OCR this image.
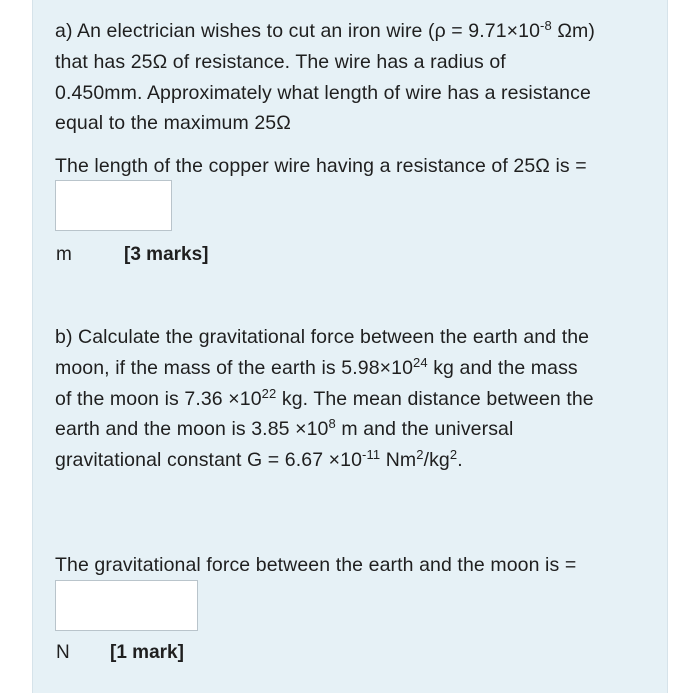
a) An electrician wishes to cut an iron wire ($\rho = 9.71\times 10^{-8}$ Ωm)
that has 25Ω of resistance. The wire has a radius of
0.450mm. Approximately what length of wire has a resistance
equal to the maximum 25Ω
The length of the copper wire having a resistance of 25Ω is =
m	[3 marks]
b) Calculate the gravitational force between the earth and the
moon, if the mass of the earth is $5.98\times 10^{24}$ kg and the mass
of the moon is $7.36 \times 10^{22}$ kg. The mean distance between the
earth and the moon is $3.85 \times 10^8$ m and the universal
gravitational constant $G = 6.67 \times 10^{-11}$ $Nm^2/kg^2$.
The gravitational force between the earth and the moon is =
N [1 mark]
